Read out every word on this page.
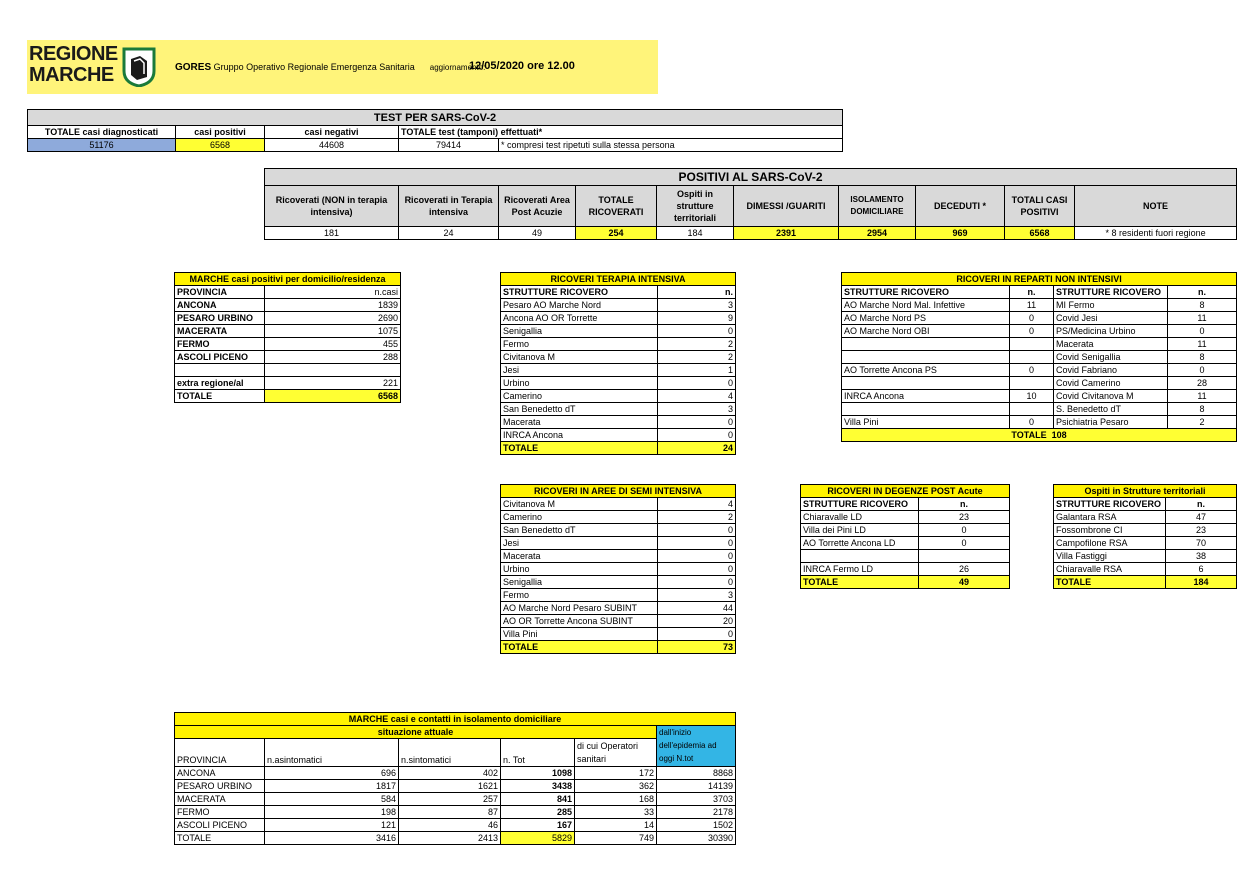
REGIONE
MARCHE	GORES Gruppo Operativo Regionale Emergenza Sanitaria aggiornamento:
12/05/2020 ore 12.00
TEST PER SARS-CoV-2				
TOTALE casi diagnosticati	casi positivi	casi negativi	TOTALE test (tamponi) effettuati*	
51176	6568	44608	79414	* compresi test ripetuti sulla stessa persona
POSITIVI AL SARS-CoV-2									
Ricoverati (NON in terapia intensiva)	Ricoverati in Terapia intensiva	Ricoverati Area Post Acuzie	TOTALE RICOVERATI	Ospiti in strutture territoriali	DIMESSI /GUARITI	ISOLAMENTO DOMICILIARE	DECEDUTI *	TOTALI CASI POSITIVI	NOTE
181	24	49	254	184	2391	2954	969	6568	* 8 residenti fuori regione
MARCHE casi positivi per domicilio/residenza	
PROVINCIA	n.casi
ANCONA	1839
PESARO URBINO	2690
MACERATA	1075
FERMO	455
ASCOLI PICENO	288

extra regione/al	221
TOTALE	6568
RICOVERI TERAPIA INTENSIVA	
STRUTTURE RICOVERO	n.
Pesaro AO Marche Nord	3
Ancona AO OR Torrette	9
Senigallia	0
Fermo	2
Civitanova M	2
Jesi	1
Urbino	0
Camerino	4
San Benedetto dT	3
Macerata	0
INRCA Ancona	0
TOTALE	24
RICOVERI IN REPARTI NON INTENSIVI			
STRUTTURE RICOVERO	n.	STRUTTURE RICOVERO	n.
AO Marche Nord Mal. Infettive	11	MI Fermo	8
AO Marche Nord PS	0	Covid Jesi	11
AO Marche Nord OBI	0	PS/Medicina Urbino	0
		Macerata	11
		Covid Senigallia	8
AO Torrette Ancona PS	0	Covid Fabriano	0
		Covid Camerino	28
INRCA Ancona	10	Covid Civitanova M	11
		S. Benedetto dT	8
Villa Pini	0	Psichiatria Pesaro	2
TOTALE 108			
RICOVERI IN AREE DI SEMI INTENSIVA	
Civitanova M	4
Camerino	2
San Benedetto dT	0
Jesi	0
Macerata	0
Urbino	0
Senigallia	0
Fermo	3
AO Marche Nord Pesaro SUBINT	44
AO OR Torrette Ancona SUBINT	20
Villa Pini	0
TOTALE	73
RICOVERI IN DEGENZE POST Acute	
STRUTTURE RICOVERO	n.
Chiaravalle LD	23
Villa dei Pini LD	0
AO Torrette Ancona LD	0

INRCA Fermo LD	26
TOTALE	49
Ospiti in Strutture territoriali	
STRUTTURE RICOVERO	n.
Galantara RSA	47
Fossombrone CI	23
Campofilone RSA	70
Villa Fastiggi	38
Chiaravalle RSA	6
TOTALE	184
MARCHE casi e contatti in isolamento domiciliare					
situazione attuale					dall'inizio dell'epidemia ad oggi N.tot
PROVINCIA	n.asintomatici	n.sintomatici	n. Tot	di cui Operatori sanitari	

ANCONA	696	402	1098	172	8868
PESARO URBINO	1817	1621	3438	362	14139
MACERATA	584	257	841	168	3703
FERMO	198	87	285	33	2178
ASCOLI PICENO	121	46	167	14	1502
TOTALE	3416	2413	5829	749	30390
